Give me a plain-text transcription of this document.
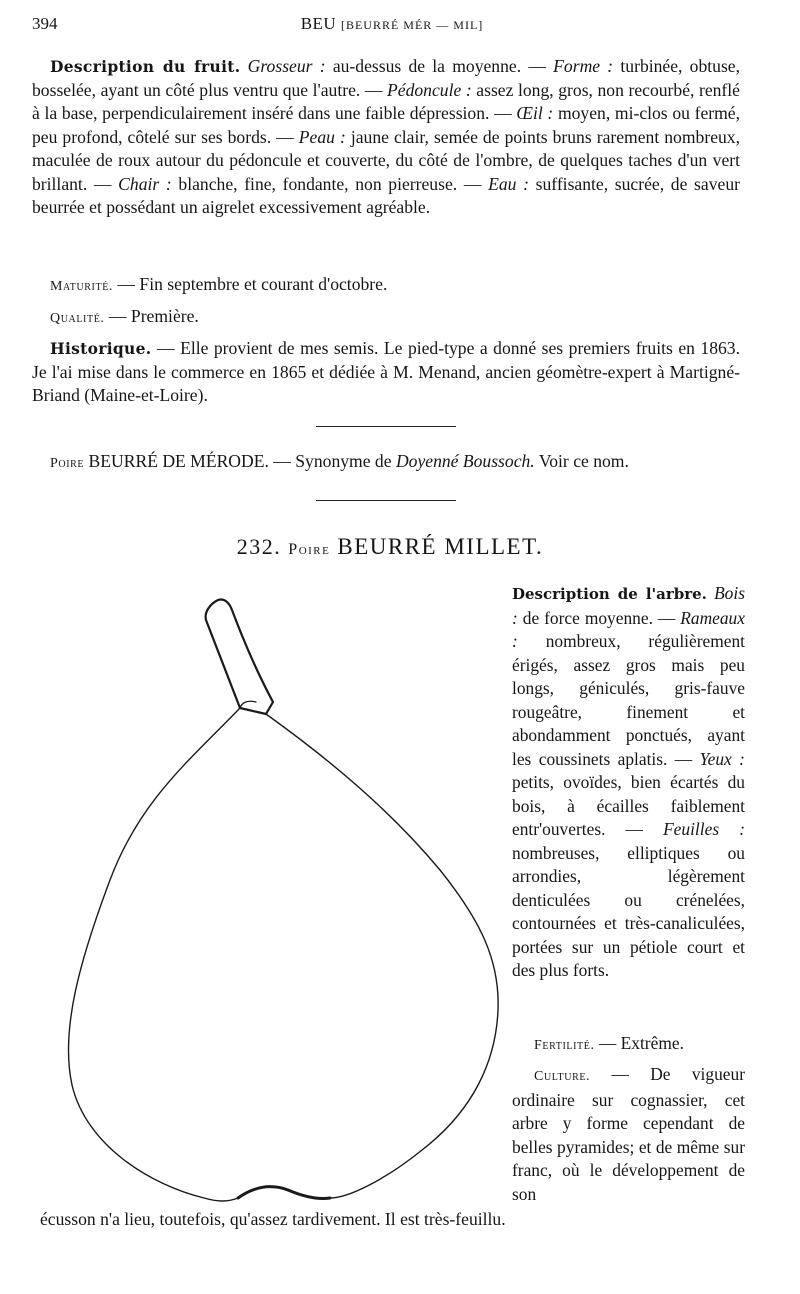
394	BEU [BEURRÉ MÉR — MIL]
Description du fruit. Grosseur : au-dessus de la moyenne. — Forme : turbinée, obtuse, bosselée, ayant un côté plus ventru que l'autre. — Pédoncule : assez long, gros, non recourbé, renflé à la base, perpendiculairement inséré dans une faible dépression. — Œil : moyen, mi-clos ou fermé, peu profond, côtelé sur ses bords. — Peau : jaune clair, semée de points bruns rarement nombreux, maculée de roux autour du pédoncule et couverte, du côté de l'ombre, de quelques taches d'un vert brillant. — Chair : blanche, fine, fondante, non pierreuse. — Eau : suffisante, sucrée, de saveur beurrée et possédant un aigrelet excessivement agréable.
Maturité. — Fin septembre et courant d'octobre.
Qualité. — Première.
Historique. — Elle provient de mes semis. Le pied-type a donné ses premiers fruits en 1863. Je l'ai mise dans le commerce en 1865 et dédiée à M. Menand, ancien géomètre-expert à Martigné-Briand (Maine-et-Loire).
Poire BEURRÉ DE MÉRODE. — Synonyme de Doyenné Boussoch. Voir ce nom.
232. Poire BEURRÉ MILLET.
Description de l'arbre. Bois : de force moyenne. — Rameaux : nombreux, régulièrement érigés, assez gros mais peu longs, géniculés, gris-fauve rougeâtre, finement et abondamment ponctués, ayant les coussinets aplatis. — Yeux : petits, ovoïdes, bien écartés du bois, à écailles faiblement entr'ouvertes. — Feuilles : nombreuses, elliptiques ou arrondies, légèrement denticulées ou crénelées, contournées et très-canaliculées, portées sur un pétiole court et des plus forts.
Fertilité. — Extrême.
Culture. — De vigueur ordinaire sur cognassier, cet arbre y forme cependant de belles pyramides; et de même sur franc, où le développement de son
écusson n'a lieu, toutefois, qu'assez tardivement. Il est très-feuillu.
